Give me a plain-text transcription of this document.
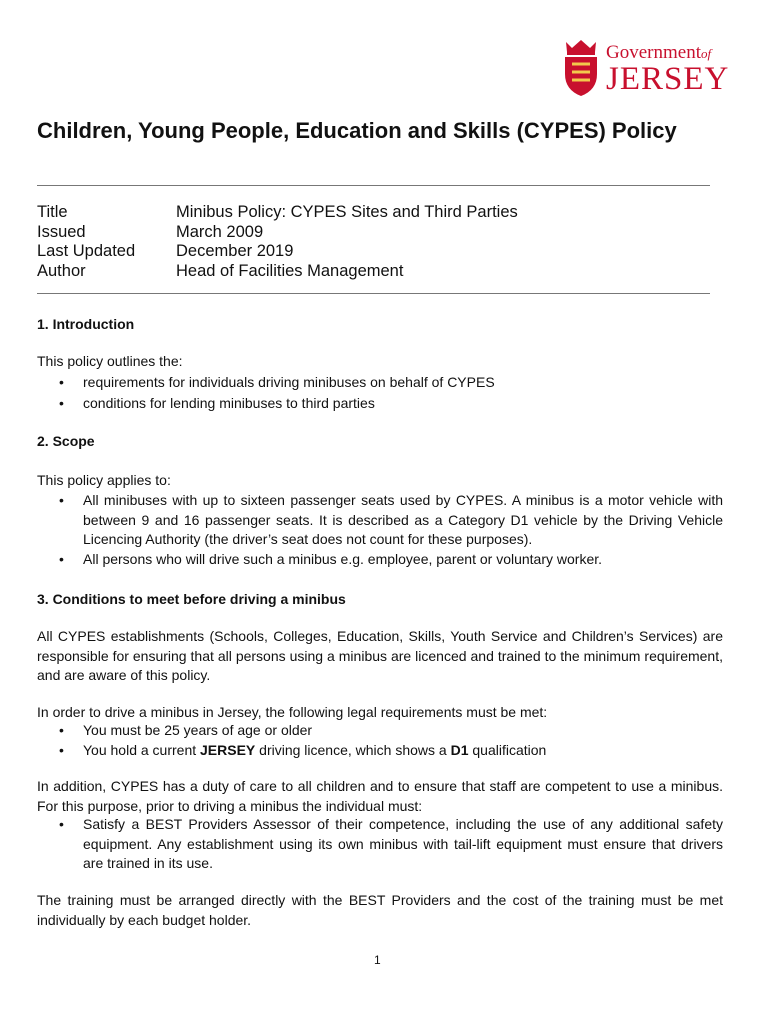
Governmentof
JERSEY
Children, Young People, Education and Skills (CYPES) Policy
Title	Minibus Policy: CYPES Sites and Third Parties
Issued	March 2009
Last Updated	December 2019
Author	Head of Facilities Management
1. Introduction

This policy outlines the:

• requirements for individuals driving minibuses on behalf of CYPES
• conditions for lending minibuses to third parties
2. Scope

This policy applies to:

• All minibuses with up to sixteen passenger seats used by CYPES. A minibus is a motor vehicle with between 9 and 16 passenger seats. It is described as a Category D1 vehicle by the Driving Vehicle Licencing Authority (the driver’s seat does not count for these purposes).
• All persons who will drive such a minibus e.g. employee, parent or voluntary worker.
3. Conditions to meet before driving a minibus

All CYPES establishments (Schools, Colleges, Education, Skills, Youth Service and Children’s Services) are responsible for ensuring that all persons using a minibus are licenced and trained to the minimum requirement, and are aware of this policy.

In order to drive a minibus in Jersey, the following legal requirements must be met:

• You must be 25 years of age or older
• You hold a current JERSEY driving licence, which shows a D1 qualification

In addition, CYPES has a duty of care to all children and to ensure that staff are competent to use a minibus. For this purpose, prior to driving a minibus the individual must:

• Satisfy a BEST Providers Assessor of their competence, including the use of any additional safety equipment. Any establishment using its own minibus with tail-lift equipment must ensure that drivers are trained in its use.

The training must be arranged directly with the BEST Providers and the cost of the training must be met individually by each budget holder.

1
